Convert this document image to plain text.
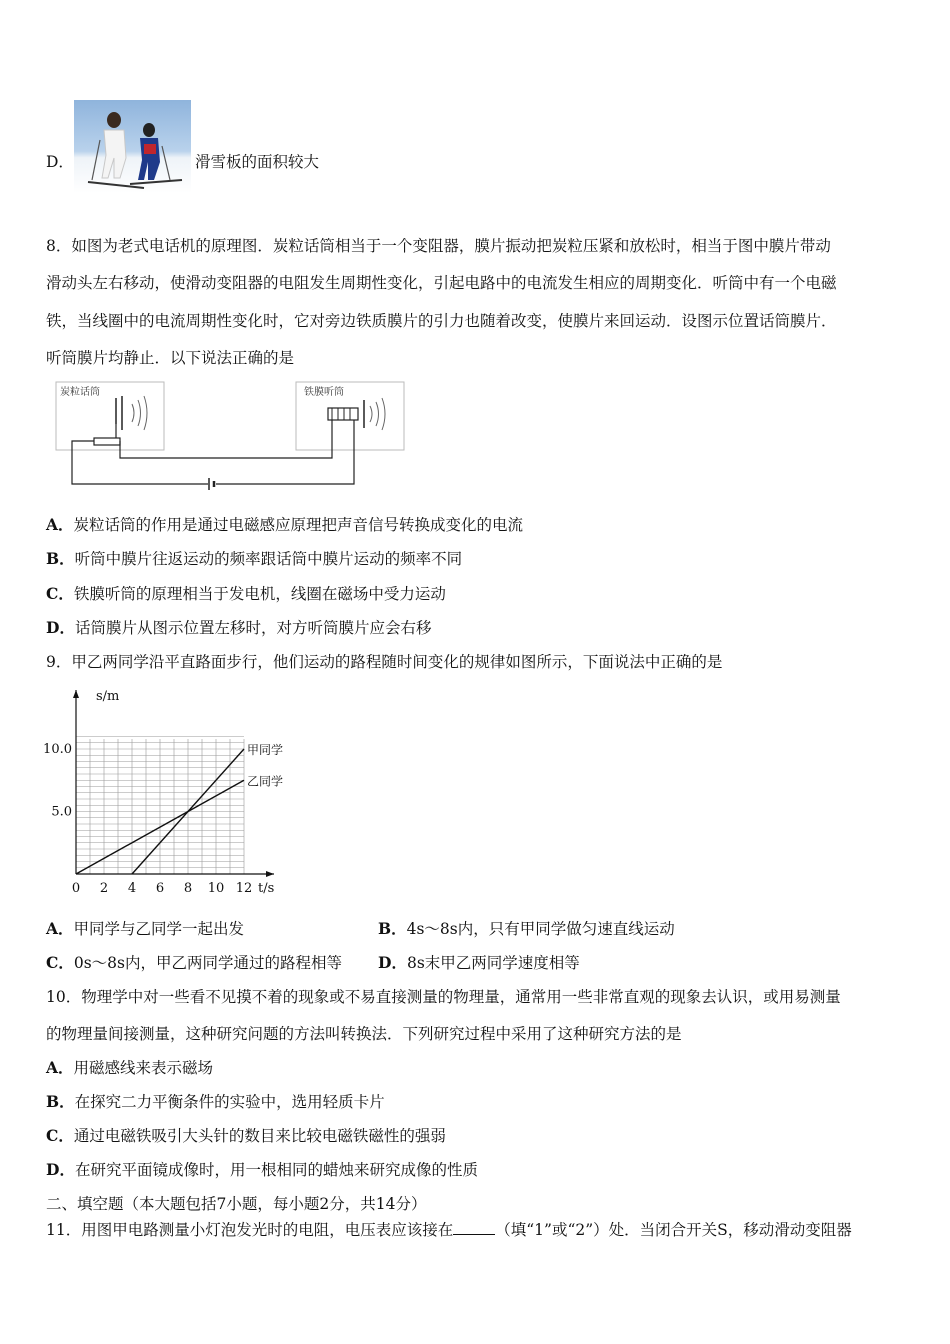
D．	滑雪板的面积较大
8．如图为老式电话机的原理图．炭粒话筒相当于一个变阻器，膜片振动把炭粒压紧和放松时，相当于图中膜片带动
滑动头左右移动，使滑动变阻器的电阻发生周期性变化，引起电路中的电流发生相应的周期变化．听筒中有一个电磁
铁，当线圈中的电流周期性变化时，它对旁边铁质膜片的引力也随着改变，使膜片来回运动．设图示位置话筒膜片．
听筒膜片均静止．以下说法正确的是
炭粒话筒	铁膜听筒
A．炭粒话筒的作用是通过电磁感应原理把声音信号转换成变化的电流
B．听筒中膜片往返运动的频率跟话筒中膜片运动的频率不同
C．铁膜听筒的原理相当于发电机，线圈在磁场中受力运动
D．话筒膜片从图示位置左移时，对方听筒膜片应会右移
9．甲乙两同学沿平直路面步行，他们运动的路程随时间变化的规律如图所示，下面说法中正确的是
t/s
s/m
0 2 4 6 8 10 12
5.0
10.0	甲同学
乙同学
A．甲同学与乙同学一起出发	B．4s～8s内，只有甲同学做匀速直线运动
C．0s～8s内，甲乙两同学通过的路程相等 D．8s末甲乙两同学速度相等
10．物理学中对一些看不见摸不着的现象或不易直接测量的物理量，通常用一些非常直观的现象去认识，或用易测量
的物理量间接测量，这种研究问题的方法叫转换法．下列研究过程中采用了这种研究方法的是
A．用磁感线来表示磁场
B．在探究二力平衡条件的实验中，选用轻质卡片
C．通过电磁铁吸引大头针的数目来比较电磁铁磁性的强弱
D．在研究平面镜成像时，用一根相同的蜡烛来研究成像的性质
二、填空题（本大题包括7小题，每小题2分，共14分）
11．用图甲电路测量小灯泡发光时的电阻，电压表应该接在	（填“1”或“2”）处．当闭合开关S，移动滑动变阻器
